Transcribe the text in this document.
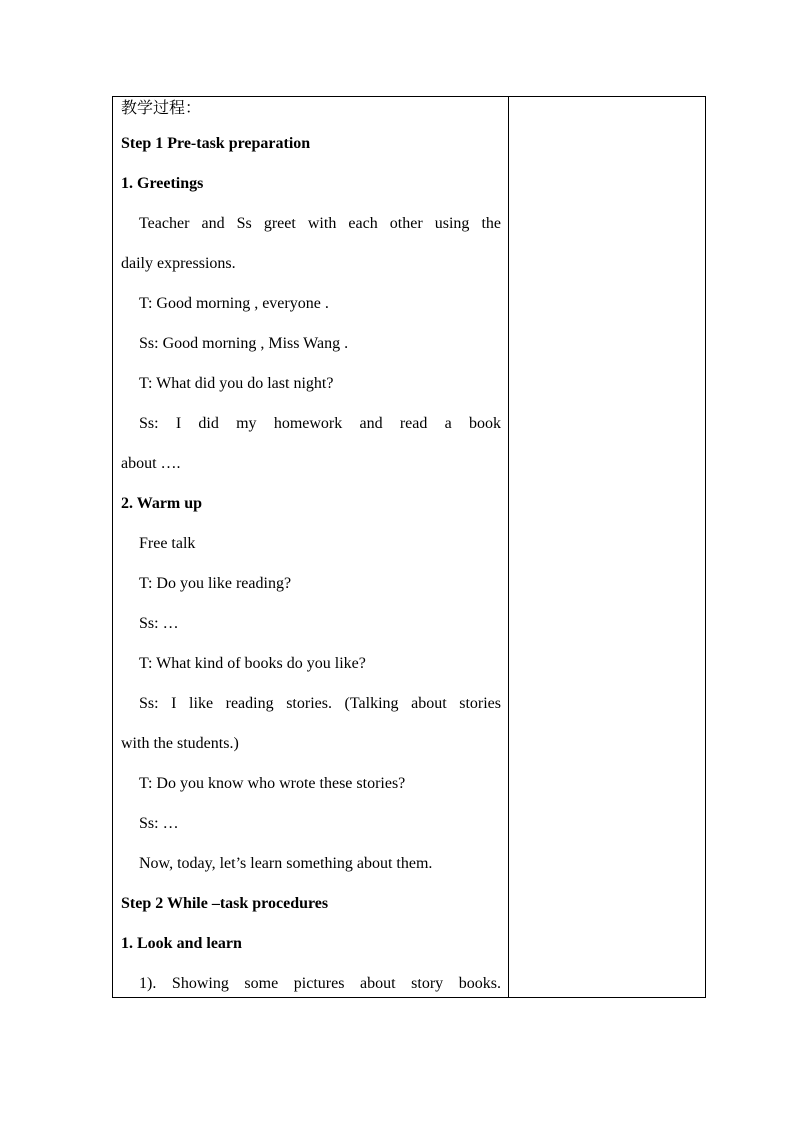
教学过程：
Step 1 Pre-task preparation
1. Greetings
Teacher and Ss greet with each other using the
daily expressions.
T: Good morning , everyone .
Ss: Good morning , Miss Wang .
T: What did you do last night?
Ss: I did my homework and read a book
about ….
2. Warm up
Free talk
T: Do you like reading?
Ss: …
T: What kind of books do you like?
Ss: I like reading stories. (Talking about stories
with the students.)
T: Do you know who wrote these stories?
Ss: …
Now, today, let’s learn something about them.
Step 2 While –task procedures
1. Look and learn
1). Showing some pictures about story books.
